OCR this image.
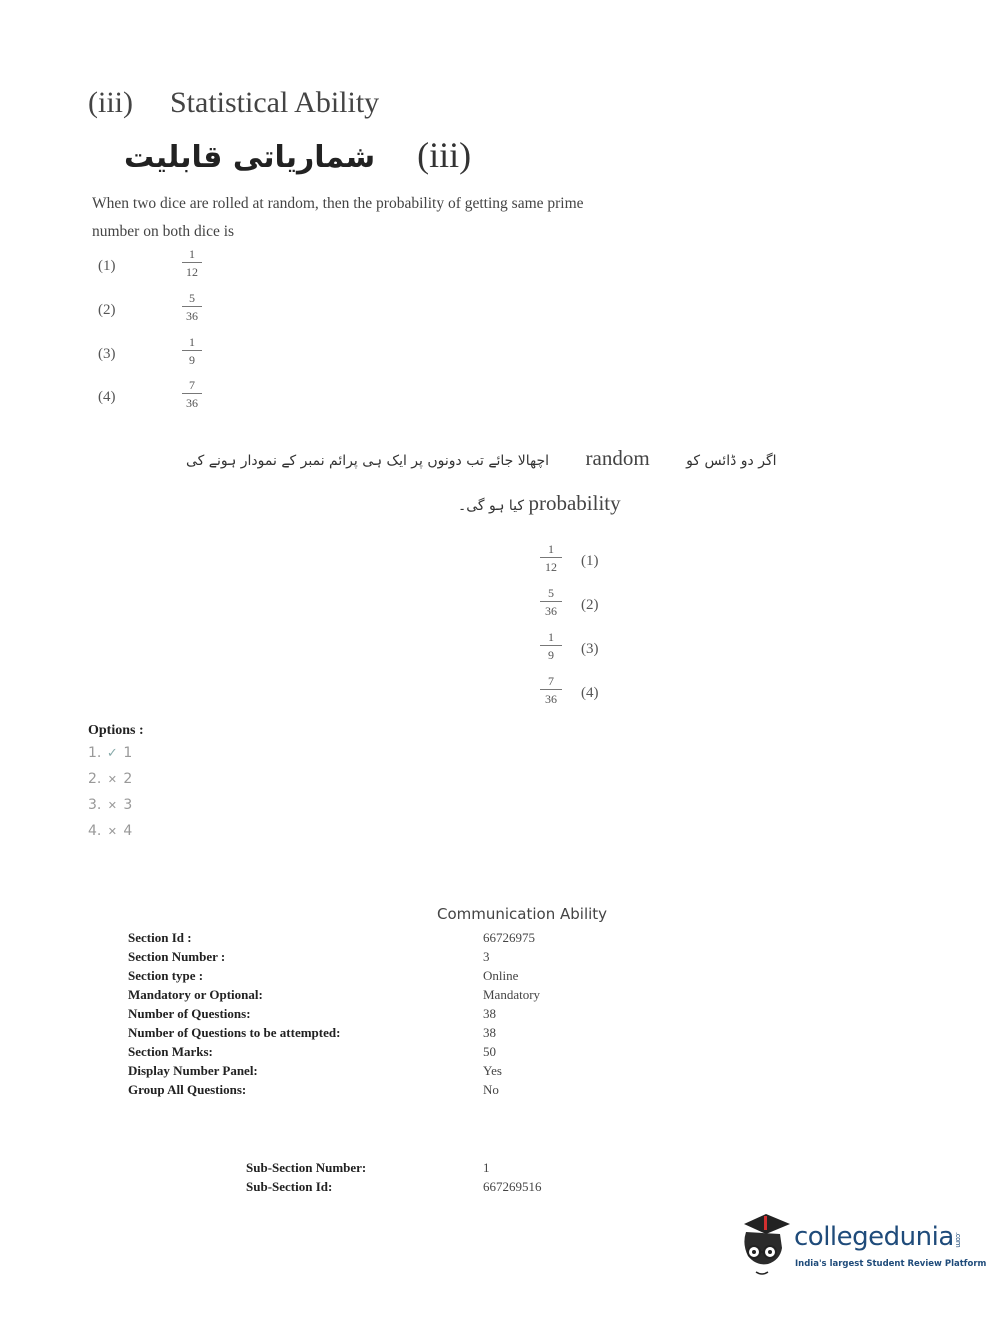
(iii) Statistical Ability
شماریاتی قابلیت (iii)
When two dice are rolled at random, then the probability of getting same prime number on both dice is
(1)	$\frac{1}{12}$
(2)	$\frac{5}{36}$
(3)	$\frac{1}{9}$
(4)	$\frac{7}{36}$
اگر دو ڈائس کو random اچھالا جائے تب دونوں پر ایک ہی پرائم نمبر کے نمودار ہونے کی
probability کیا ہو گی۔
$\frac{1}{12} (1)$
$\frac{5}{36} (2)$
$\frac{1}{9} (3)$
$\frac{7}{36} (4)$
Options :
1. ✓ 1
2. ✕ 2
3. ✕ 3
4. ✕ 4
Communication Ability
Section Id :	66726975
Section Number :	3
Section type :	Online
Mandatory or Optional:	Mandatory
Number of Questions:	38
Number of Questions to be attempted:	38
Section Marks:	50
Display Number Panel:	Yes
Group All Questions:	No
Sub-Section Number:	1
Sub-Section Id:	667269516
collegedunia .com
India's largest Student Review Platform
